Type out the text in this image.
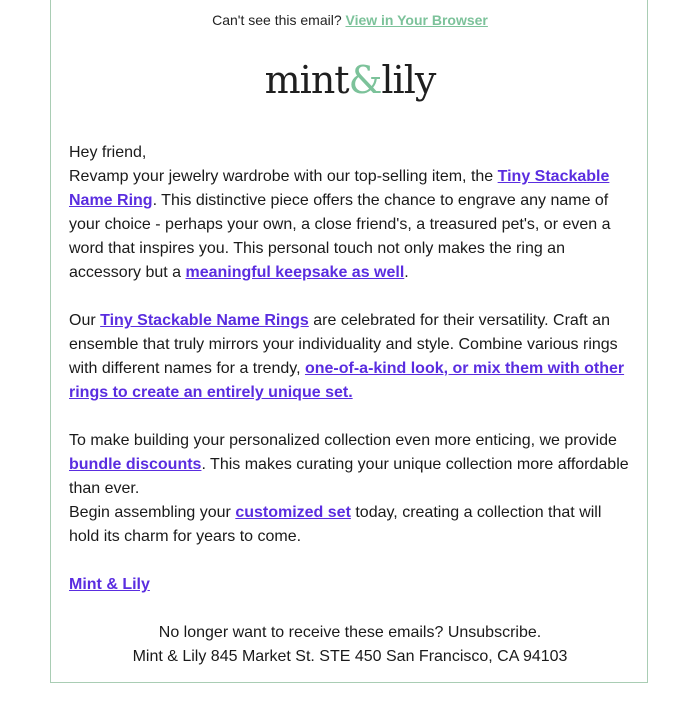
Can't see this email? View in Your Browser
mint&lily

Hey friend,

Revamp your jewelry wardrobe with our top-selling item, the Tiny Stackable Name Ring. This distinctive piece offers the chance to engrave any name of your choice - perhaps your own, a close friend's, a treasured pet's, or even a word that inspires you. This personal touch not only makes the ring an accessory but a meaningful keepsake as well.

Our Tiny Stackable Name Rings are celebrated for their versatility. Craft an ensemble that truly mirrors your individuality and style. Combine various rings with different names for a trendy, one-of-a-kind look, or mix them with other rings to create an entirely unique set.

To make building your personalized collection even more enticing, we provide bundle discounts. This makes curating your unique collection more affordable than ever.

Begin assembling your customized set today, creating a collection that will hold its charm for years to come.

Mint & Lily

No longer want to receive these emails? Unsubscribe.
Mint & Lily 845 Market St. STE 450 San Francisco, CA 94103
